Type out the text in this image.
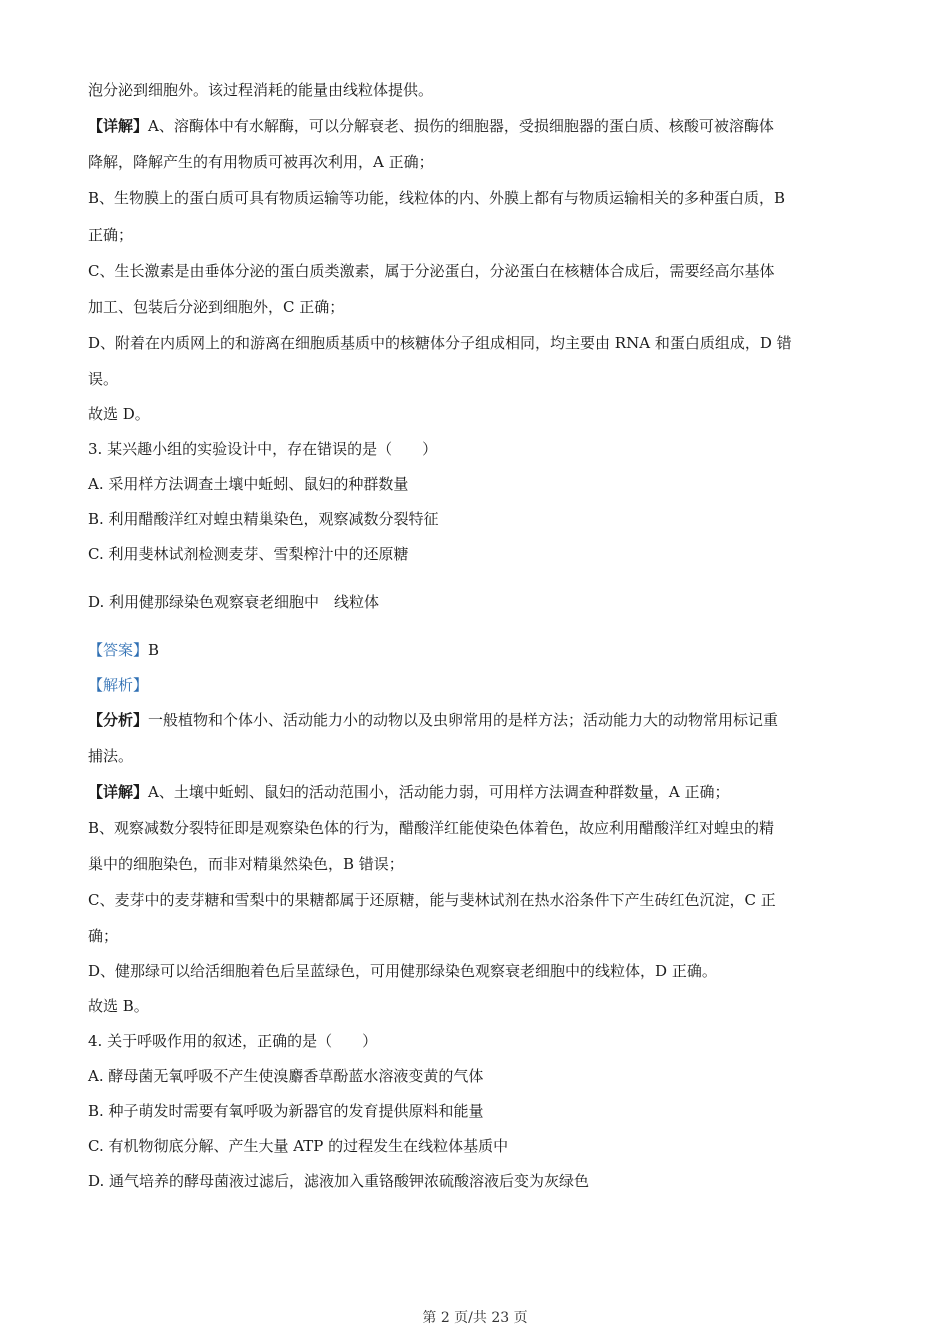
泡分泌到细胞外。该过程消耗的能量由线粒体提供。
【详解】A、溶酶体中有水解酶，可以分解衰老、损伤的细胞器，受损细胞器的蛋白质、核酸可被溶酶体
降解，降解产生的有用物质可被再次利用，A 正确；
B、生物膜上的蛋白质可具有物质运输等功能，线粒体的内、外膜上都有与物质运输相关的多种蛋白质，B
正确；
C、生长激素是由垂体分泌的蛋白质类激素，属于分泌蛋白，分泌蛋白在核糖体合成后，需要经高尔基体
加工、包装后分泌到细胞外，C 正确；
D、附着在内质网上的和游离在细胞质基质中的核糖体分子组成相同，均主要由 RNA 和蛋白质组成，D 错
误。
故选 D。
3. 某兴趣小组的实验设计中，存在错误的是（　　）
A. 采用样方法调查土壤中蚯蚓、鼠妇的种群数量
B. 利用醋酸洋红对蝗虫精巢染色，观察减数分裂特征
C. 利用斐林试剂检测麦芽、雪梨榨汁中的还原糖
D. 利用健那绿染色观察衰老细胞中　线粒体
【答案】B
【解析】
【分析】一般植物和个体小、活动能力小的动物以及虫卵常用的是样方法；活动能力大的动物常用标记重
捕法。
【详解】A、土壤中蚯蚓、鼠妇的活动范围小，活动能力弱，可用样方法调查种群数量，A 正确；
B、观察减数分裂特征即是观察染色体的行为，醋酸洋红能使染色体着色，故应利用醋酸洋红对蝗虫的精
巢中的细胞染色，而非对精巢然染色，B 错误；
C、麦芽中的麦芽糖和雪梨中的果糖都属于还原糖，能与斐林试剂在热水浴条件下产生砖红色沉淀，C 正
确；
D、健那绿可以给活细胞着色后呈蓝绿色，可用健那绿染色观察衰老细胞中的线粒体，D 正确。
故选 B。
4. 关于呼吸作用的叙述，正确的是（　　）
A. 酵母菌无氧呼吸不产生使溴麝香草酚蓝水溶液变黄的气体
B. 种子萌发时需要有氧呼吸为新器官的发育提供原料和能量
C. 有机物彻底分解、产生大量 ATP 的过程发生在线粒体基质中
D. 通气培养的酵母菌液过滤后，滤液加入重铬酸钾浓硫酸溶液后变为灰绿色
第 2 页/共 23 页
